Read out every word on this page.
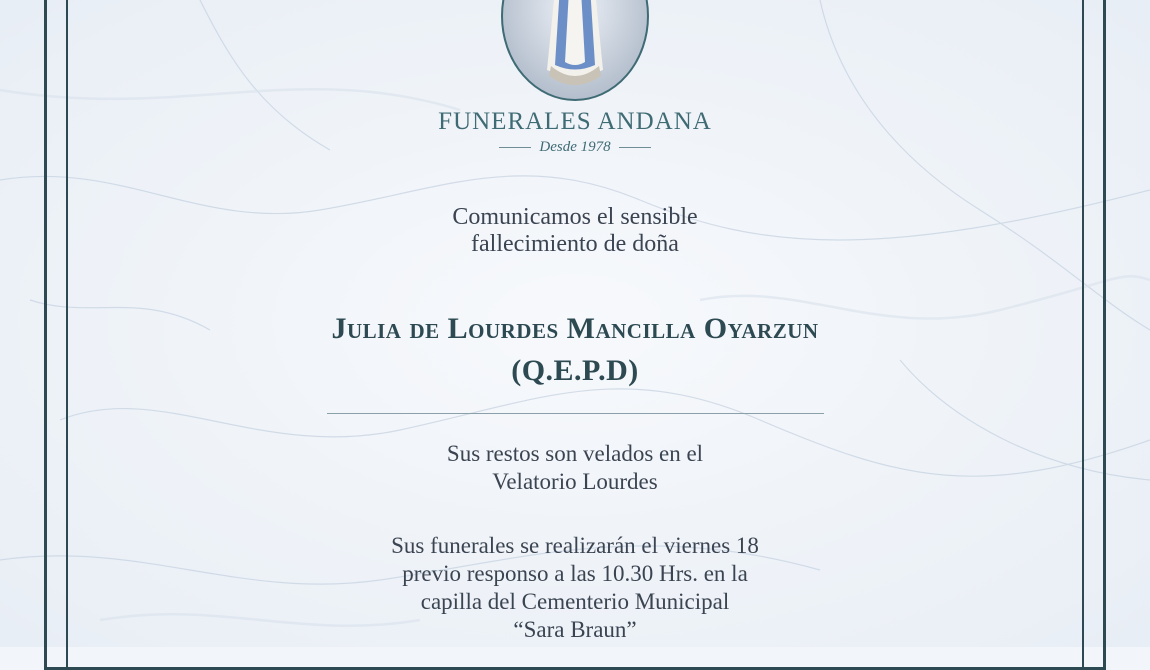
FUNERALES ANDANA
Desde 1978
Comunicamos el sensible
fallecimiento de doña
Julia de Lourdes Mancilla Oyarzun
(Q.E.P.D)
Sus restos son velados en el
Velatorio Lourdes
Sus funerales se realizarán el viernes 18
previo responso a las 10.30 Hrs. en la
capilla del Cementerio Municipal
“Sara Braun”
